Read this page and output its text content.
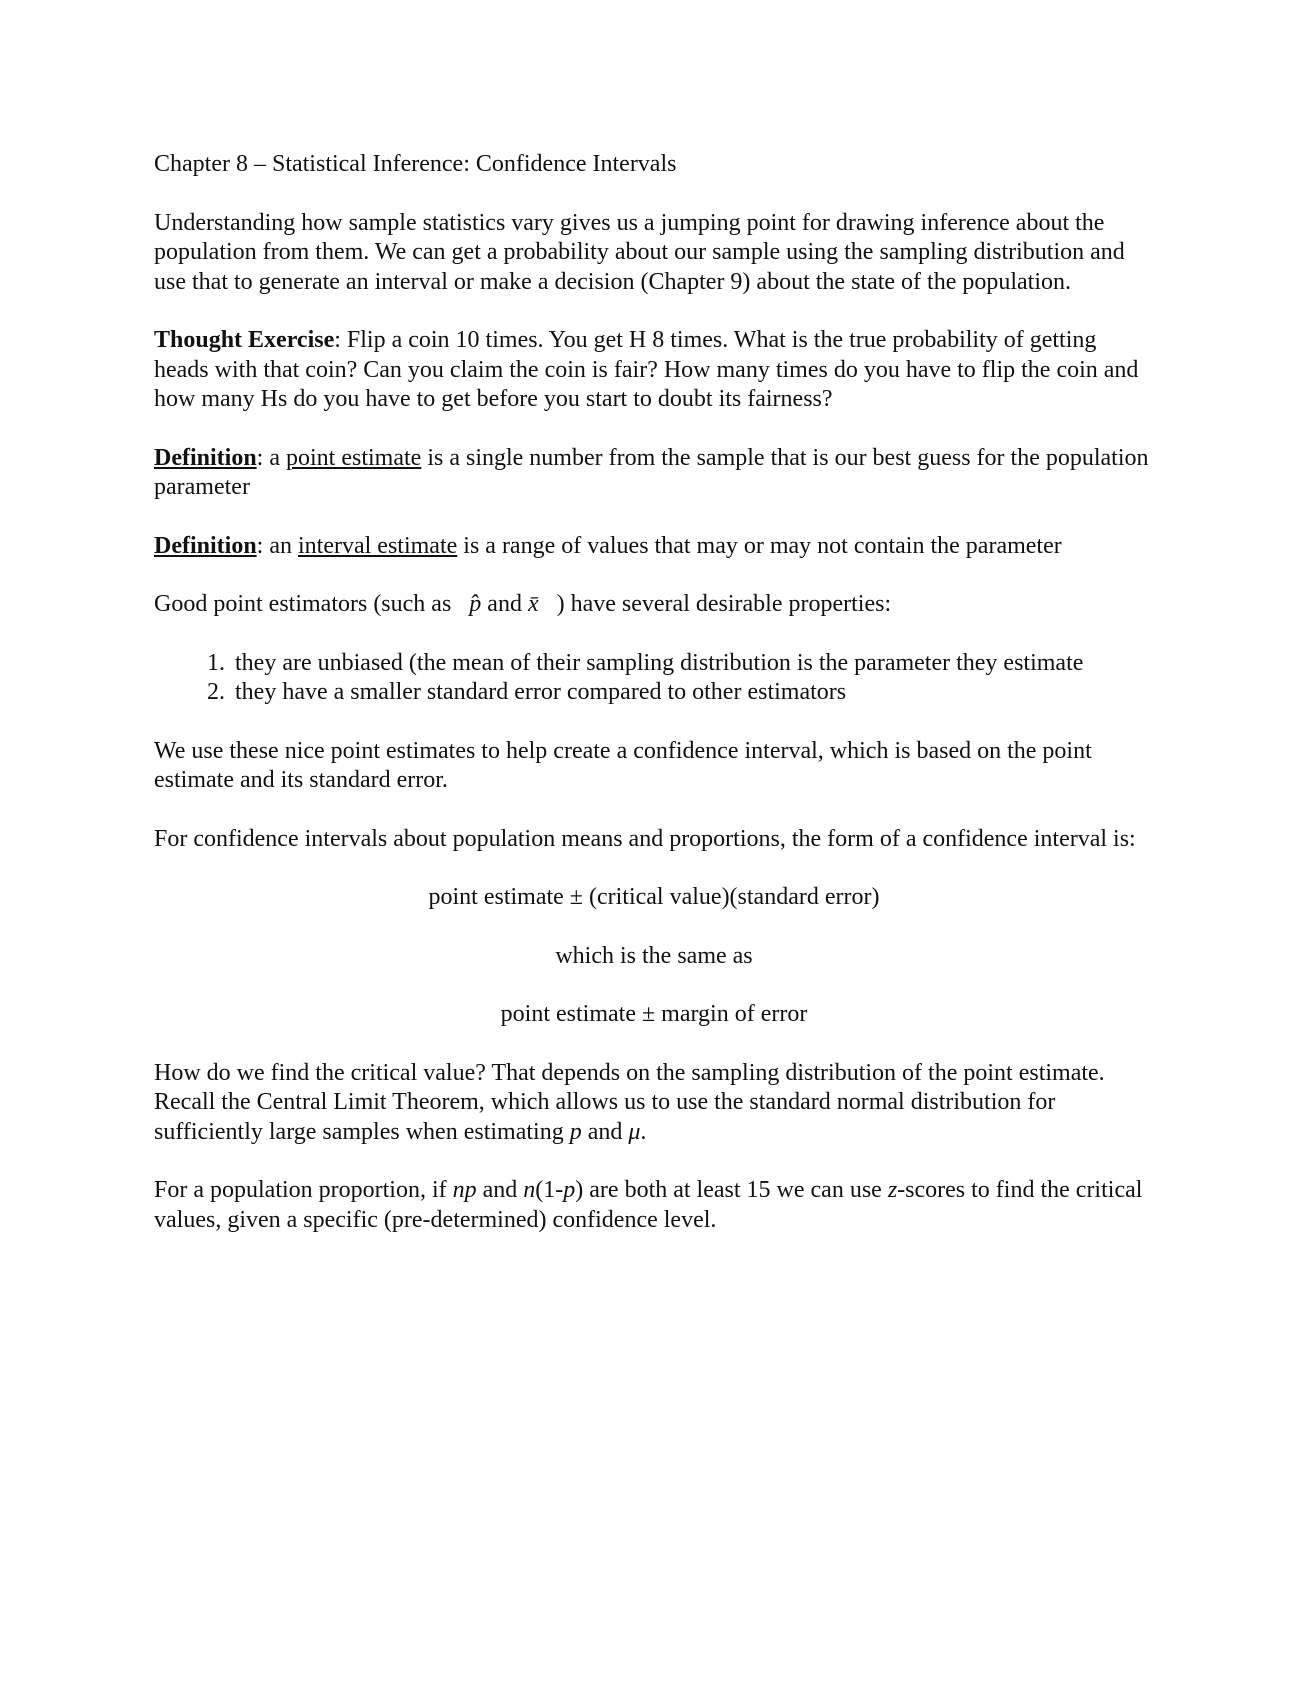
Chapter 8 – Statistical Inference: Confidence Intervals

Understanding how sample statistics vary gives us a jumping point for drawing inference about the population from them. We can get a probability about our sample using the sampling distribution and use that to generate an interval or make a decision (Chapter 9) about the state of the population.

Thought Exercise: Flip a coin 10 times. You get H 8 times. What is the true probability of getting heads with that coin? Can you claim the coin is fair? How many times do you have to flip the coin and how many Hs do you have to get before you start to doubt its fairness?

Definition: a point estimate is a single number from the sample that is our best guess for the population parameter

Definition: an interval estimate is a range of values that may or may not contain the parameter

Good point estimators (such as p̂ and x̄ ) have several desirable properties:

1. they are unbiased (the mean of their sampling distribution is the parameter they estimate
2. they have a smaller standard error compared to other estimators

We use these nice point estimates to help create a confidence interval, which is based on the point estimate and its standard error.

For confidence intervals about population means and proportions, the form of a confidence interval is:

point estimate ± (critical value)(standard error)

which is the same as

point estimate ± margin of error

How do we find the critical value? That depends on the sampling distribution of the point estimate. Recall the Central Limit Theorem, which allows us to use the standard normal distribution for sufficiently large samples when estimating p and μ.

For a population proportion, if np and n(1-p) are both at least 15 we can use z-scores to find the critical values, given a specific (pre-determined) confidence level.
